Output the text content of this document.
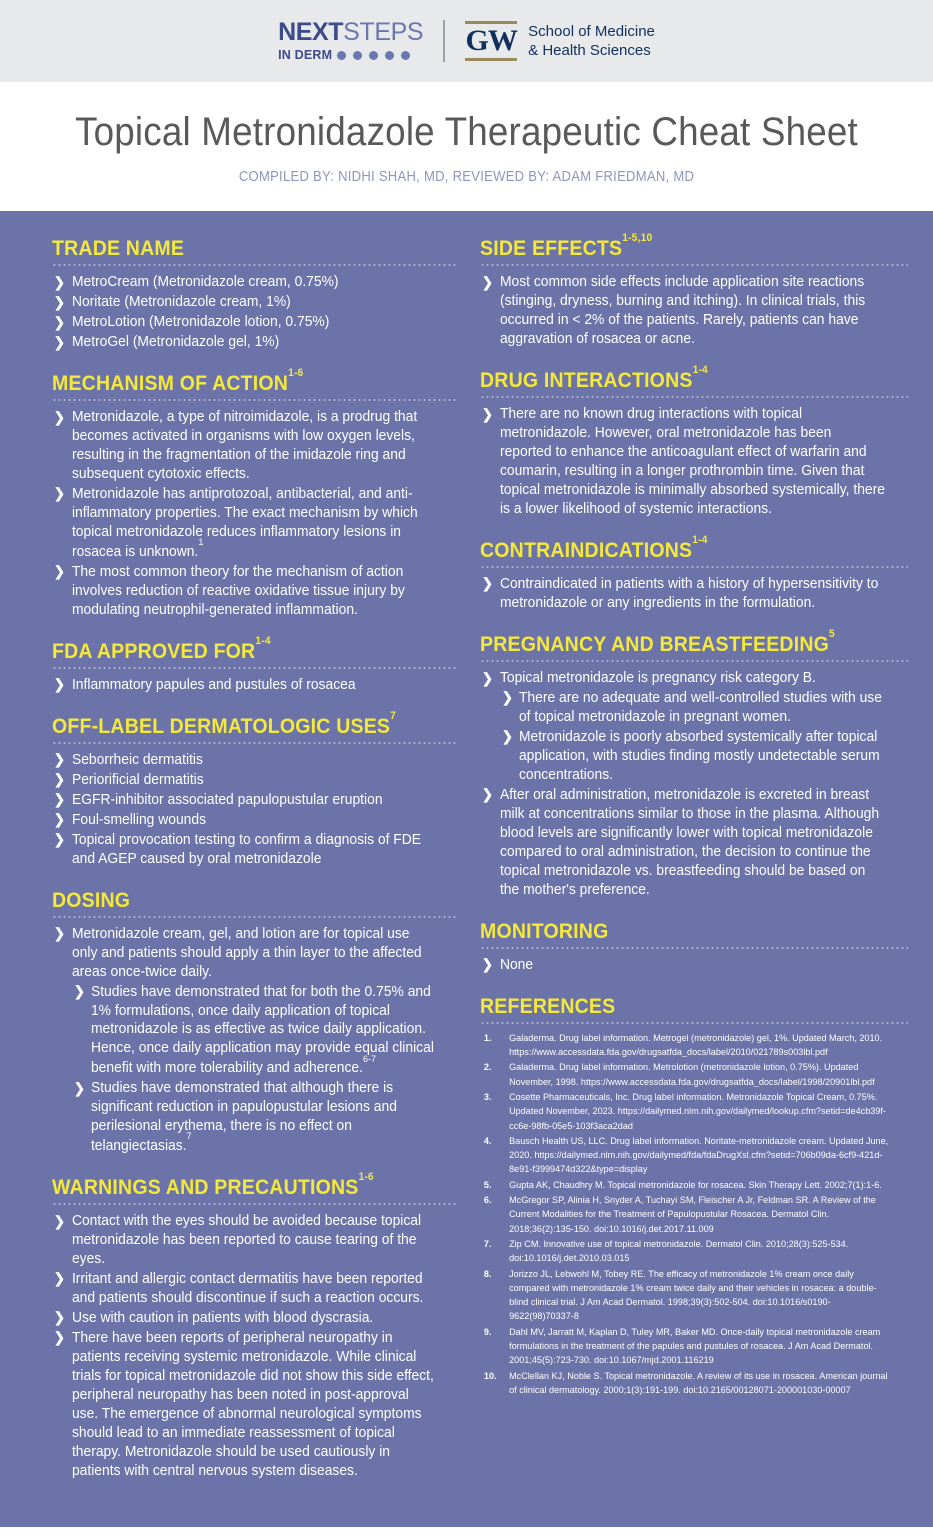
NEXTSTEPS
IN DERM	GW School of Medicine
& Health Sciences
Topical Metronidazole Therapeutic Cheat Sheet
COMPILED BY: NIDHI SHAH, MD, REVIEWED BY: ADAM FRIEDMAN, MD
TRADE NAME
❯ MetroCream (Metronidazole cream, 0.75%)
❯ Noritate (Metronidazole cream, 1%)
❯ MetroLotion (Metronidazole lotion, 0.75%)
❯ MetroGel (Metronidazole gel, 1%)
MECHANISM OF ACTION$^{1-6}$
❯ Metronidazole, a type of nitroimidazole, is a prodrug that becomes activated in organisms with low oxygen levels, resulting in the fragmentation of the imidazole ring and subsequent cytotoxic effects.
❯ Metronidazole has antiprotozoal, antibacterial, and anti-inflammatory properties. The exact mechanism by which topical metronidazole reduces inflammatory lesions in rosacea is unknown.$^1$
❯ The most common theory for the mechanism of action involves reduction of reactive oxidative tissue injury by modulating neutrophil-generated inflammation.
FDA APPROVED FOR$^{1-4}$
❯ Inflammatory papules and pustules of rosacea
OFF-LABEL DERMATOLOGIC USES$^7$
❯ Seborrheic dermatitis
❯ Periorificial dermatitis
❯ EGFR-inhibitor associated papulopustular eruption
❯ Foul-smelling wounds
❯ Topical provocation testing to confirm a diagnosis of FDE and AGEP caused by oral metronidazole
DOSING
❯ Metronidazole cream, gel, and lotion are for topical use only and patients should apply a thin layer to the affected areas once-twice daily.
❯ Studies have demonstrated that for both the 0.75% and 1% formulations, once daily application of topical metronidazole is as effective as twice daily application. Hence, once daily application may provide equal clinical benefit with more tolerability and adherence.$^{6-7}$
❯ Studies have demonstrated that although there is significant reduction in papulopustular lesions and perilesional erythema, there is no effect on telangiectasias.$^7$
WARNINGS AND PRECAUTIONS$^{1-6}$
❯ Contact with the eyes should be avoided because topical metronidazole has been reported to cause tearing of the eyes.
❯ Irritant and allergic contact dermatitis have been reported and patients should discontinue if such a reaction occurs.
❯ Use with caution in patients with blood dyscrasia.
❯ There have been reports of peripheral neuropathy in patients receiving systemic metronidazole. While clinical trials for topical metronidazole did not show this side effect, peripheral neuropathy has been noted in post-approval use. The emergence of abnormal neurological symptoms should lead to an immediate reassessment of topical therapy. Metronidazole should be used cautiously in patients with central nervous system diseases.
SIDE EFFECTS$^{1-5,10}$
❯ Most common side effects include application site reactions (stinging, dryness, burning and itching). In clinical trials, this occurred in < 2% of the patients. Rarely, patients can have aggravation of rosacea or acne.
DRUG INTERACTIONS$^{1-4}$
❯ There are no known drug interactions with topical metronidazole. However, oral metronidazole has been reported to enhance the anticoagulant effect of warfarin and coumarin, resulting in a longer prothrombin time. Given that topical metronidazole is minimally absorbed systemically, there is a lower likelihood of systemic interactions.
CONTRAINDICATIONS$^{1-4}$
❯ Contraindicated in patients with a history of hypersensitivity to metronidazole or any ingredients in the formulation.
PREGNANCY AND BREASTFEEDING$^5$
❯ Topical metronidazole is pregnancy risk category B.
❯ There are no adequate and well-controlled studies with use of topical metronidazole in pregnant women.
❯ Metronidazole is poorly absorbed systemically after topical application, with studies finding mostly undetectable serum concentrations.
❯ After oral administration, metronidazole is excreted in breast milk at concentrations similar to those in the plasma. Although blood levels are significantly lower with topical metronidazole compared to oral administration, the decision to continue the topical metronidazole vs. breastfeeding should be based on the mother's preference.
MONITORING
❯ None
REFERENCES
Galaderma. Drug label information. Metrogel (metronidazole) gel, 1%. Updated March, 2010. https://www.accessdata.fda.gov/drugsatfda_docs/label/2010/021789s003lbl.pdf
Galaderma. Drug label information. Metrolotion (metronidazole lotion, 0.75%). Updated November, 1998. https://www.accessdata.fda.gov/drugsatfda_docs/label/1998/20901lbl.pdf
Cosette Pharmaceuticals, Inc. Drug label information. Metronidazole Topical Cream, 0.75%. Updated November, 2023. https://dailymed.nlm.nih.gov/dailymed/lookup.cfm?setid=de4cb39f-cc6e-98fb-05e5-103f3aca2dad
Bausch Health US, LLC. Drug label information. Noritate-metronidazole cream. Updated June, 2020. https://dailymed.nlm.nih.gov/dailymed/fda/fdaDrugXsl.cfm?setid=706b09da-6cf9-421d-8e91-f3999474d322&type=display
Gupta AK, Chaudhry M. Topical metronidazole for rosacea. Skin Therapy Lett. 2002;7(1):1-6.
McGregor SP, Alinia H, Snyder A, Tuchayi SM, Fleischer A Jr, Feldman SR. A Review of the Current Modalities for the Treatment of Papulopustular Rosacea. Dermatol Clin. 2018;36(2):135-150. doi:10.1016/j.det.2017.11.009
Zip CM. Innovative use of topical metronidazole. Dermatol Clin. 2010;28(3):525-534. doi:10.1016/j.det.2010.03.015
Jorizzo JL, Lebwohl M, Tobey RE. The efficacy of metronidazole 1% cream once daily compared with metronidazole 1% cream twice daily and their vehicles in rosacea: a double-blind clinical trial. J Am Acad Dermatol. 1998;39(3):502-504. doi:10.1016/s0190-9622(98)70337-8
Dahl MV, Jarratt M, Kaplan D, Tuley MR, Baker MD. Once-daily topical metronidazole cream formulations in the treatment of the papules and pustules of rosacea. J Am Acad Dermatol. 2001;45(5):723-730. doi:10.1067/mjd.2001.116219
McClellan KJ, Noble S. Topical metronidazole. A review of its use in rosacea. American journal of clinical dermatology. 2000;1(3):191-199. doi:10.2165/00128071-200001030-00007
